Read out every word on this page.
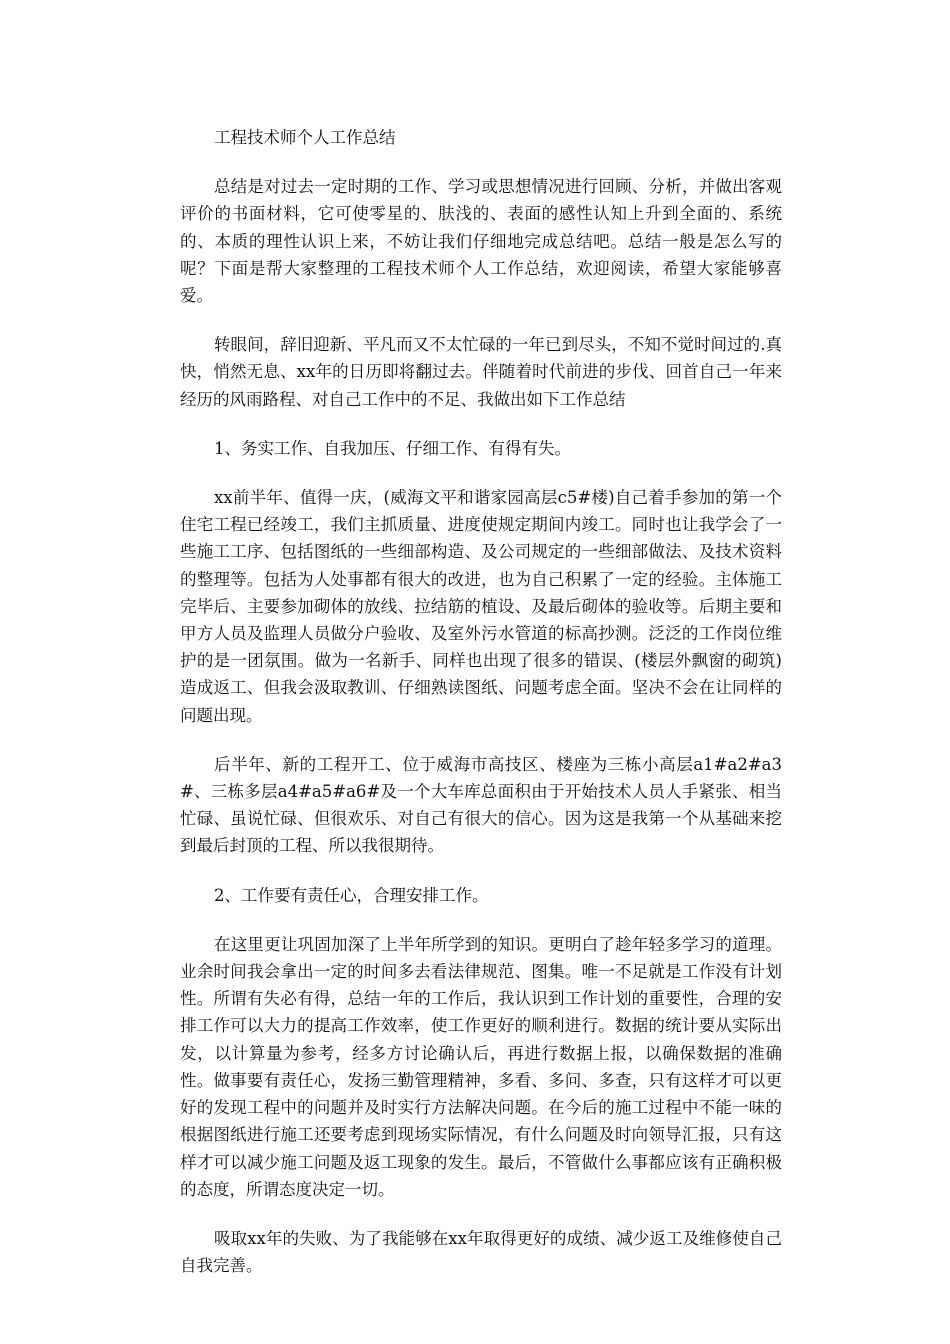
工程技术师个人工作总结

总结是对过去一定时期的工作、学习或思想情况进行回顾、分析，并做出客观评价的书面材料，它可使零星的、肤浅的、表面的感性认知上升到全面的、系统的、本质的理性认识上来，不妨让我们仔细地完成总结吧。总结一般是怎么写的呢？下面是帮大家整理的工程技术师个人工作总结，欢迎阅读，希望大家能够喜爱。

转眼间，辞旧迎新、平凡而又不太忙碌的一年已到尽头，不知不觉时间过的.真快，悄然无息、xx年的日历即将翻过去。伴随着时代前进的步伐、回首自己一年来经历的风雨路程、对自己工作中的不足、我做出如下工作总结

1、务实工作、自我加压、仔细工作、有得有失。

xx前半年、值得一庆，(威海文平和谐家园高层c5#楼)自己着手参加的第一个住宅工程已经竣工，我们主抓质量、进度使规定期间内竣工。同时也让我学会了一些施工工序、包括图纸的一些细部构造、及公司规定的一些细部做法、及技术资料的整理等。包括为人处事都有很大的改进，也为自己积累了一定的经验。主体施工完毕后、主要参加砌体的放线、拉结筋的植设、及最后砌体的验收等。后期主要和甲方人员及监理人员做分户验收、及室外污水管道的标高抄测。泛泛的工作岗位维护的是一团氛围。做为一名新手、同样也出现了很多的错误、(楼层外飘窗的砌筑)造成返工、但我会汲取教训、仔细熟读图纸、问题考虑全面。坚决不会在让同样的问题出现。

后半年、新的工程开工、位于威海市高技区、楼座为三栋小高层a1#a2#a3#、三栋多层a4#a5#a6#及一个大车库总面积由于开始技术人员人手紧张、相当忙碌、虽说忙碌、但很欢乐、对自己有很大的信心。因为这是我第一个从基础来挖到最后封顶的工程、所以我很期待。

2、工作要有责任心，合理安排工作。

在这里更让巩固加深了上半年所学到的知识。更明白了趁年轻多学习的道理。业余时间我会拿出一定的时间多去看法律规范、图集。唯一不足就是工作没有计划性。所谓有失必有得，总结一年的工作后，我认识到工作计划的重要性，合理的安排工作可以大力的提高工作效率，使工作更好的顺利进行。数据的统计要从实际出发，以计算量为参考，经多方讨论确认后，再进行数据上报，以确保数据的准确性。做事要有责任心，发扬三勤管理精神，多看、多问、多查，只有这样才可以更好的发现工程中的问题并及时实行方法解决问题。在今后的施工过程中不能一味的根据图纸进行施工还要考虑到现场实际情况，有什么问题及时向领导汇报，只有这样才可以减少施工问题及返工现象的发生。最后，不管做什么事都应该有正确积极的态度，所谓态度决定一切。

吸取xx年的失败、为了我能够在xx年取得更好的成绩、减少返工及维修使自己自我完善。
